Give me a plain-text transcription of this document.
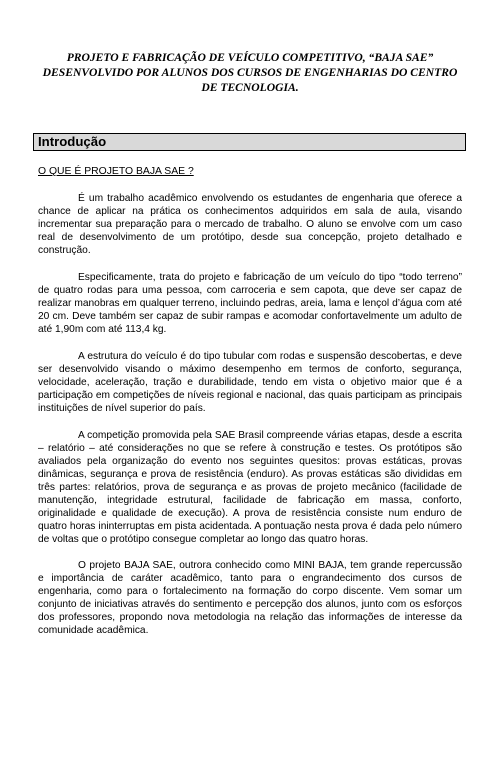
PROJETO E FABRICAÇÃO DE VEÍCULO COMPETITIVO, “BAJA SAE” DESENVOLVIDO POR ALUNOS DOS CURSOS DE ENGENHARIAS DO CENTRO DE TECNOLOGIA.
Introdução

O QUE É PROJETO BAJA SAE ?

É um trabalho acadêmico envolvendo os estudantes de engenharia que oferece a chance de aplicar na prática os conhecimentos adquiridos em sala de aula, visando incrementar sua preparação para o mercado de trabalho. O aluno se envolve com um caso real de desenvolvimento de um protótipo, desde sua concepção, projeto detalhado e construção.

Especificamente, trata do projeto e fabricação de um veículo do tipo “todo terreno” de quatro rodas para uma pessoa, com carroceria e sem capota, que deve ser capaz de realizar manobras em qualquer terreno, incluindo pedras, areia, lama e lençol d’água com até 20 cm. Deve também ser capaz de subir rampas e acomodar confortavelmente um adulto de até 1,90m com até 113,4 kg.

A estrutura do veículo é do tipo tubular com rodas e suspensão descobertas, e deve ser desenvolvido visando o máximo desempenho em termos de conforto, segurança, velocidade, aceleração, tração e durabilidade, tendo em vista o objetivo maior que é a participação em competições de níveis regional e nacional, das quais participam as principais instituições de nível superior do país.

A competição promovida pela SAE Brasil compreende várias etapas, desde a escrita – relatório – até considerações no que se refere à construção e testes. Os protótipos são avaliados pela organização do evento nos seguintes quesitos: provas estáticas, provas dinâmicas, segurança e prova de resistência (enduro). As provas estáticas são divididas em três partes: relatórios, prova de segurança e as provas de projeto mecânico (facilidade de manutenção, integridade estrutural, facilidade de fabricação em massa, conforto, originalidade e qualidade de execução). A prova de resistência consiste num enduro de quatro horas ininterruptas em pista acidentada. A pontuação nesta prova é dada pelo número de voltas que o protótipo consegue completar ao longo das quatro horas.

O projeto BAJA SAE, outrora conhecido como MINI BAJA, tem grande repercussão e importância de caráter acadêmico, tanto para o engrandecimento dos cursos de engenharia, como para o fortalecimento na formação do corpo discente. Vem somar um conjunto de iniciativas através do sentimento e percepção dos alunos, junto com os esforços dos professores, propondo nova metodologia na relação das informações de interesse da comunidade acadêmica.
